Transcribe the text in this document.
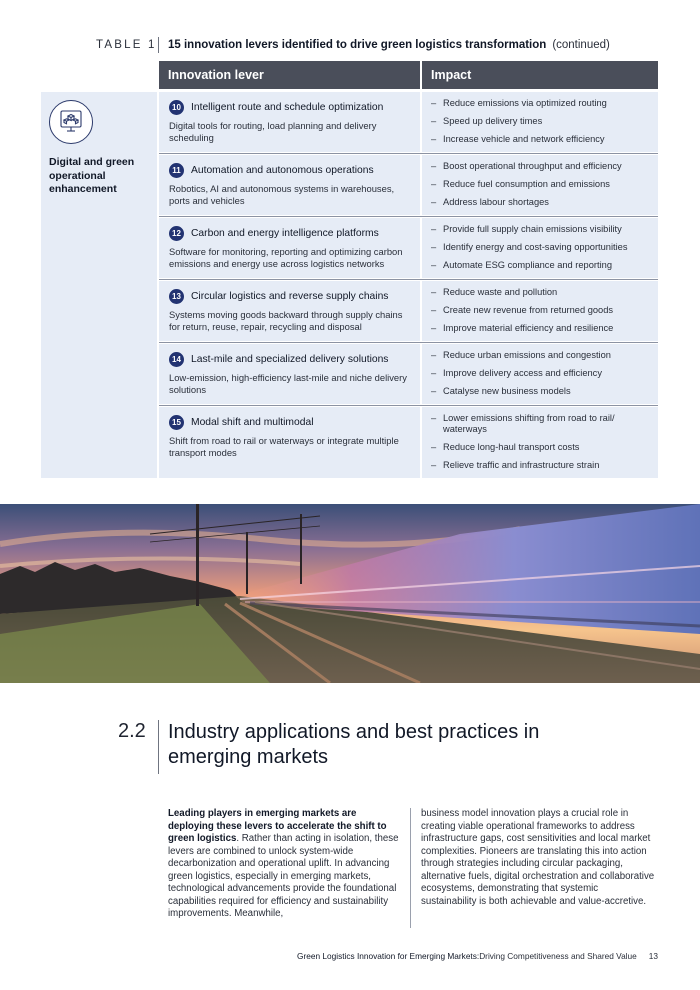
TABLE 1 15 innovation levers identified to drive green logistics transformation (continued)
Innovation lever	Impact
Digital and green operational enhancement
10 Intelligent route and schedule optimization
Digital tools for routing, load planning and delivery scheduling
– Reduce emissions via optimized routing
– Speed up delivery times
– Increase vehicle and network efficiency
11 Automation and autonomous operations
Robotics, AI and autonomous systems in warehouses, ports and vehicles
– Boost operational throughput and efficiency
– Reduce fuel consumption and emissions
– Address labour shortages
12 Carbon and energy intelligence platforms
Software for monitoring, reporting and optimizing carbon emissions and energy use across logistics networks
– Provide full supply chain emissions visibility
– Identify energy and cost-saving opportunities
– Automate ESG compliance and reporting
13 Circular logistics and reverse supply chains
Systems moving goods backward through supply chains for return, reuse, repair, recycling and disposal
– Reduce waste and pollution
– Create new revenue from returned goods
– Improve material efficiency and resilience
14 Last-mile and specialized delivery solutions
Low-emission, high-efficiency last-mile and niche delivery solutions
– Reduce urban emissions and congestion
– Improve delivery access and efficiency
– Catalyse new business models
15 Modal shift and multimodal
Shift from road to rail or waterways or integrate multiple transport modes
– Lower emissions shifting from road to rail/ waterways
– Reduce long-haul transport costs
– Relieve traffic and infrastructure strain
2.2 Industry applications and best practices in emerging markets
Leading players in emerging markets are deploying these levers to accelerate the shift to green logistics. Rather than acting in isolation, these levers are combined to unlock system-wide decarbonization and operational uplift. In advancing green logistics, especially in emerging markets, technological advancements provide the foundational capabilities required for efficiency and sustainability improvements. Meanwhile,
business model innovation plays a crucial role in creating viable operational frameworks to address infrastructure gaps, cost sensitivities and local market complexities. Pioneers are translating this into action through strategies including circular packaging, alternative fuels, digital orchestration and collaborative ecosystems, demonstrating that systemic sustainability is both achievable and value-accretive.
Green Logistics Innovation for Emerging Markets: Driving Competitiveness and Shared Value 13
